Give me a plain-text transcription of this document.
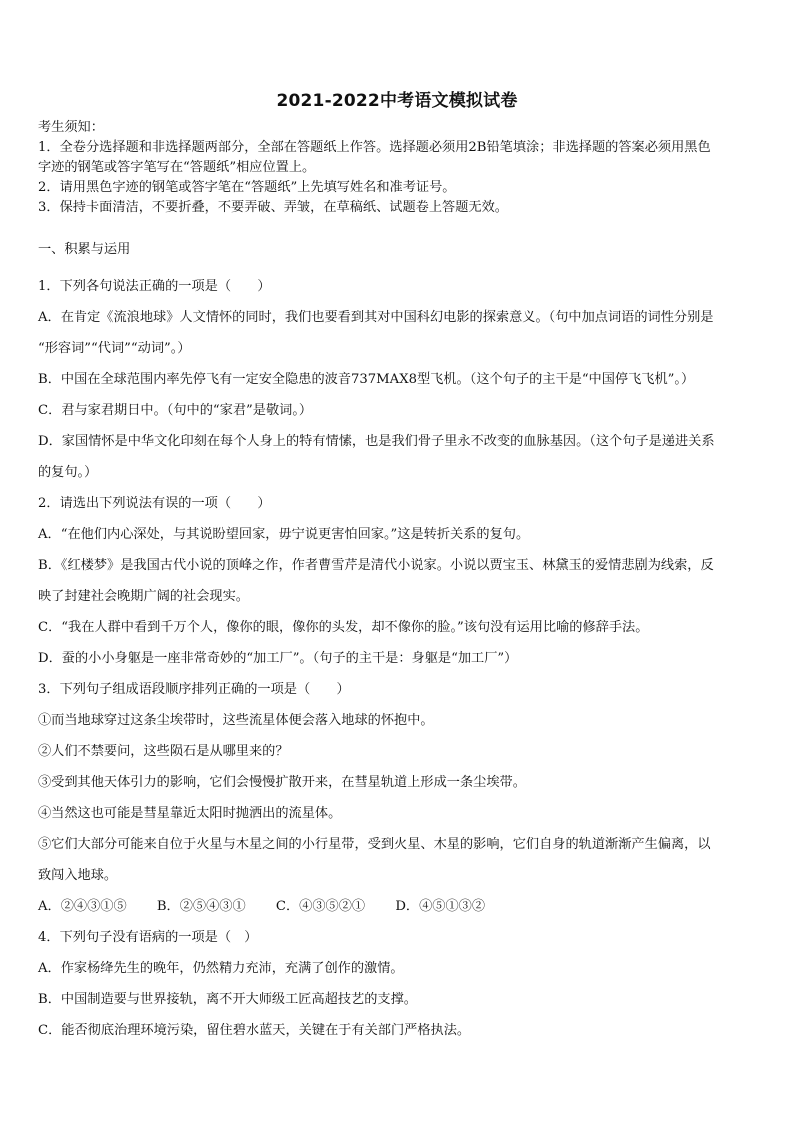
2021-2022中考语文模拟试卷
考生须知：
1．全卷分选择题和非选择题两部分，全部在答题纸上作答。选择题必须用2B铅笔填涂；非选择题的答案必须用黑色
字迹的钢笔或答字笔写在“答题纸”相应位置上。
2．请用黑色字迹的钢笔或答字笔在“答题纸”上先填写姓名和准考证号。
3．保持卡面清洁，不要折叠，不要弄破、弄皱，在草稿纸、试题卷上答题无效。
一、积累与运用
1．下列各句说法正确的一项是（　　）
A．在肯定《流浪地球》人文情怀的同时，我们也要看到其对中国科幻电影的探索意义。（句中加点词语的词性分别是
“形容词”“代词”“动词”。）
B．中国在全球范围内率先停飞有一定安全隐患的波音737MAX8型飞机。（这个句子的主干是“中国停飞飞机”。）
C．君与家君期日中。（句中的“家君”是敬词。）
D．家国情怀是中华文化印刻在每个人身上的特有情愫，也是我们骨子里永不改变的血脉基因。（这个句子是递进关系
的复句。）
2．请选出下列说法有误的一项（　　）
A．“在他们内心深处，与其说盼望回家，毋宁说更害怕回家。”这是转折关系的复句。
B．《红楼梦》是我国古代小说的顶峰之作，作者曹雪芹是清代小说家。小说以贾宝玉、林黛玉的爱情悲剧为线索，反
映了封建社会晚期广阔的社会现实。
C．“我在人群中看到千万个人，像你的眼，像你的头发，却不像你的脸。”该句没有运用比喻的修辞手法。
D．蚕的小小身躯是一座非常奇妙的“加工厂”。（句子的主干是：身躯是“加工厂”）
3．下列句子组成语段顺序排列正确的一项是（　　）
①而当地球穿过这条尘埃带时，这些流星体便会落入地球的怀抱中。
②人们不禁要问，这些陨石是从哪里来的？
③受到其他天体引力的影响，它们会慢慢扩散开来，在彗星轨道上形成一条尘埃带。
④当然这也可能是彗星靠近太阳时抛洒出的流星体。
⑤它们大部分可能来自位于火星与木星之间的小行星带，受到火星、木星的影响，它们自身的轨道渐渐产生偏离，以
致闯入地球。
A．②④③①⑤ B．②⑤④③① C．④③⑤②① D．④⑤①③②
4．下列句子没有语病的一项是（　）
A．作家杨绛先生的晚年，仍然精力充沛，充满了创作的激情。
B．中国制造要与世界接轨，离不开大师级工匠高超技艺的支撑。
C．能否彻底治理环境污染，留住碧水蓝天，关键在于有关部门严格执法。
